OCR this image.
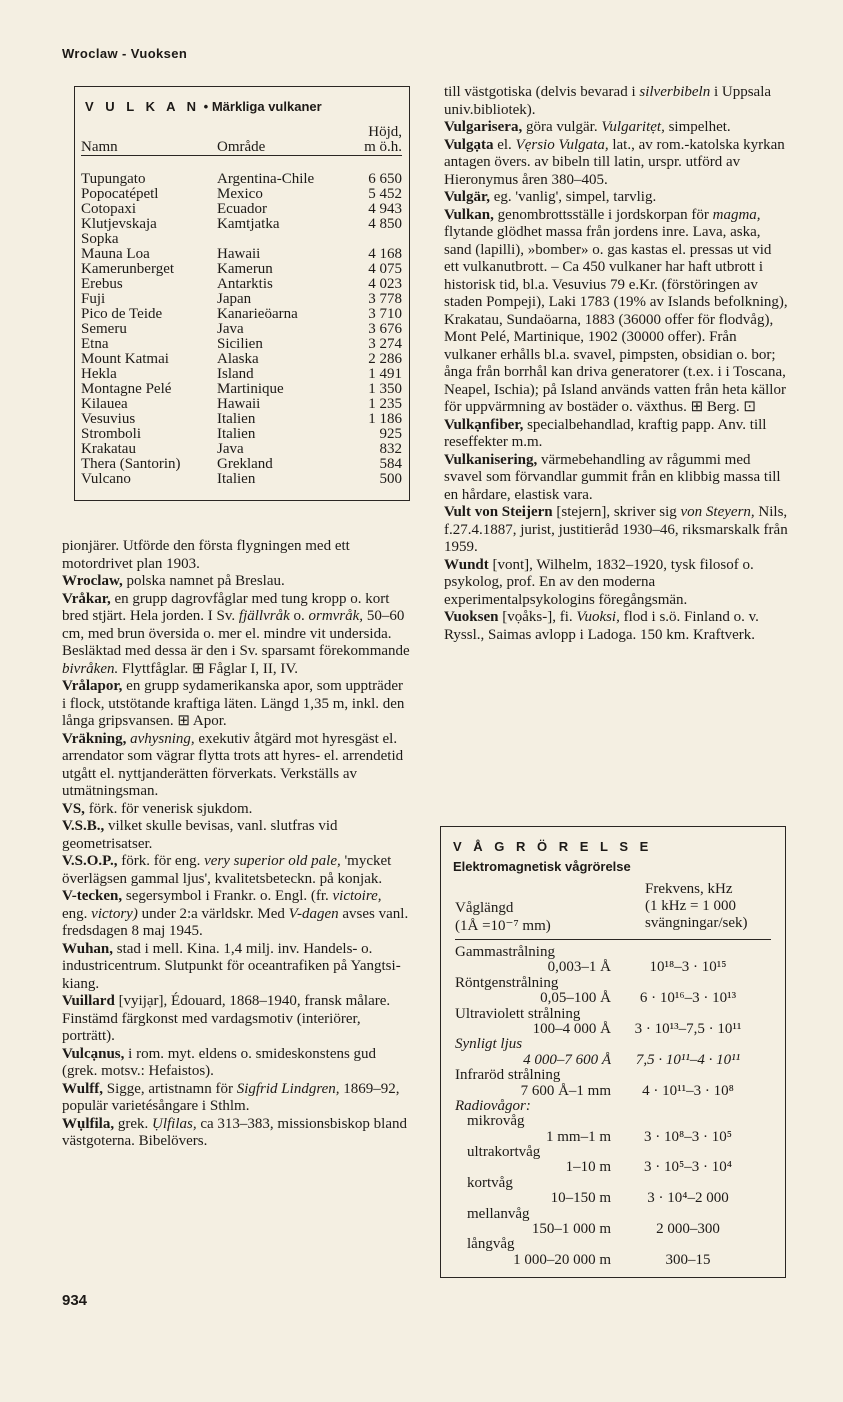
Wroclaw - Vuoksen
V U L K A N • Märkliga vulkaner
Namn	Område	Höjd,
m ö.h.

Tupungato	Argentina-Chile	6 650
Popocatépetl	Mexico	5 452
Cotopaxi	Ecuador	4 943
Klutjevskaja	Kamtjatka	4 850
Sopka		
Mauna Loa	Hawaii	4 168
Kamerunberget	Kamerun	4 075
Erebus	Antarktis	4 023
Fuji	Japan	3 778
Pico de Teide	Kanarieöarna	3 710
Semeru	Java	3 676
Etna	Sicilien	3 274
Mount Katmai	Alaska	2 286
Hekla	Island	1 491
Montagne Pelé	Martinique	1 350
Kilauea	Hawaii	1 235
Vesuvius	Italien	1 186
Stromboli	Italien	925
Krakatau	Java	832
Thera (Santorin)	Grekland	584
Vulcano	Italien	500

pionjärer. Utförde den första flygningen med ett motordrivet plan 1903.

Wroclaw, polska namnet på Breslau.

Vråkar, en grupp dagrovfåglar med tung kropp o. kort bred stjärt. Hela jorden. I Sv. fjällvråk o. ormvråk, 50–60 cm, med brun översida o. mer el. mindre vit undersida. Besläktad med dessa är den i Sv. sparsamt förekommande bivråken. Flyttfåglar. ⊞ Fåglar I, II, IV.

Vrålapor, en grupp sydamerikanska apor, som uppträder i flock, utstötande kraftiga läten. Längd 1,35 m, inkl. den långa gripsvansen. ⊞ Apor.

Vräkning, avhysning, exekutiv åtgärd mot hyresgäst el. arrendator som vägrar flytta trots att hyres- el. arrendetid utgått el. nyttjanderätten förverkats. Verkställs av utmätningsman.

VS, förk. för venerisk sjukdom.

V.S.B., vilket skulle bevisas, vanl. slutfras vid geometrisatser.

V.S.O.P., förk. för eng. very superior old pale, 'mycket överlägsen gammal ljus', kvalitetsbeteckn. på konjak.

V-tecken, segersymbol i Frankr. o. Engl. (fr. victoire, eng. victory) under 2:a världskr. Med V-dagen avses vanl. fredsdagen 8 maj 1945.

Wuhan, stad i mell. Kina. 1,4 milj. inv. Handels- o. industricentrum. Slutpunkt för oceantrafiken på Yangtsi-kiang.

Vuillard [vyijạr], Édouard, 1868–1940, fransk målare. Finstämd färgkonst med vardagsmotiv (interiörer, porträtt).

Vulcạnus, i rom. myt. eldens o. smideskonstens gud (grek. motsv.: Hefaistos).

Wulff, Sigge, artistnamn för Sigfrid Lindgren, 1869–92, populär varietésångare i Sthlm.

Wụlfila, grek. Ụlfilas, ca 313–383, missionsbiskop bland västgoterna. Bibelövers.

till västgotiska (delvis bevarad i silverbibeln i Uppsala univ.bibliotek).

Vulgarisera, göra vulgär. Vulgaritẹt, simpelhet.

Vulgạta el. Vẹrsio Vulgata, lat., av rom.-katolska kyrkan antagen övers. av bibeln till latin, urspr. utförd av Hieronymus åren 380–405.

Vulgär, eg. 'vanlig', simpel, tarvlig.

Vulkan, genombrottsställe i jordskorpan för magma, flytande glödhet massa från jordens inre. Lava, aska, sand (lapilli), »bomber» o. gas kastas el. pressas ut vid ett vulkanutbrott. – Ca 450 vulkaner har haft utbrott i historisk tid, bl.a. Vesuvius 79 e.Kr. (förstöringen av staden Pompeji), Laki 1783 (19% av Islands befolkning), Krakatau, Sundaöarna, 1883 (36000 offer för flodvåg), Mont Pelé, Martinique, 1902 (30000 offer). Från vulkaner erhålls bl.a. svavel, pimpsten, obsidian o. bor; ånga från borrhål kan driva generatorer (t.ex. i i Toscana, Neapel, Ischia); på Island används vatten från heta källor för uppvärmning av bostäder o. växthus. ⊞ Berg. ⊡

Vulkạnfiber, specialbehandlad, kraftig papp. Anv. till reseffekter m.m.

Vulkanisering, värmebehandling av rågummi med svavel som förvandlar gummit från en klibbig massa till en hårdare, elastisk vara.

Vult von Steijern [stejern], skriver sig von Steyern, Nils, f.27.4.1887, jurist, justitieråd 1930–46, riksmarskalk från 1959.

Wundt [vont], Wilhelm, 1832–1920, tysk filosof o. psykolog, prof. En av den moderna experimentalpsykologins föregångsmän.

Vuoksen [vọåks-], fi. Vuoksi, flod i s.ö. Finland o. v. Ryssl., Saimas avlopp i Ladoga. 150 km. Kraftverk.

V Å G R Ö R E L S E
Elektromagnetisk vågrörelse
Våglängd
(1Å =10⁻⁷ mm)
Frekvens, kHz
(1 kHz = 1 000
svängningar/sek)
Gammastrålning
0,003–1 Å	10¹⁸–3 · 10¹⁵
Röntgenstrålning
0,05–100 Å	6 · 10¹⁶–3 · 10¹³
Ultraviolett strålning
100–4 000 Å	3 · 10¹³–7,5 · 10¹¹
Synligt ljus
4 000–7 600 Å	7,5 · 10¹¹–4 · 10¹¹
Infraröd strålning
7 600 Å–1 mm	4 · 10¹¹–3 · 10⁸
Radiovågor:
mikrovåg
1 mm–1 m	3 · 10⁸–3 · 10⁵
ultrakortvåg
1–10 m	3 · 10⁵–3 · 10⁴
kortvåg
10–150 m	3 · 10⁴–2 000
mellanvåg
150–1 000 m	2 000–300
långvåg
1 000–20 000 m	300–15
934
